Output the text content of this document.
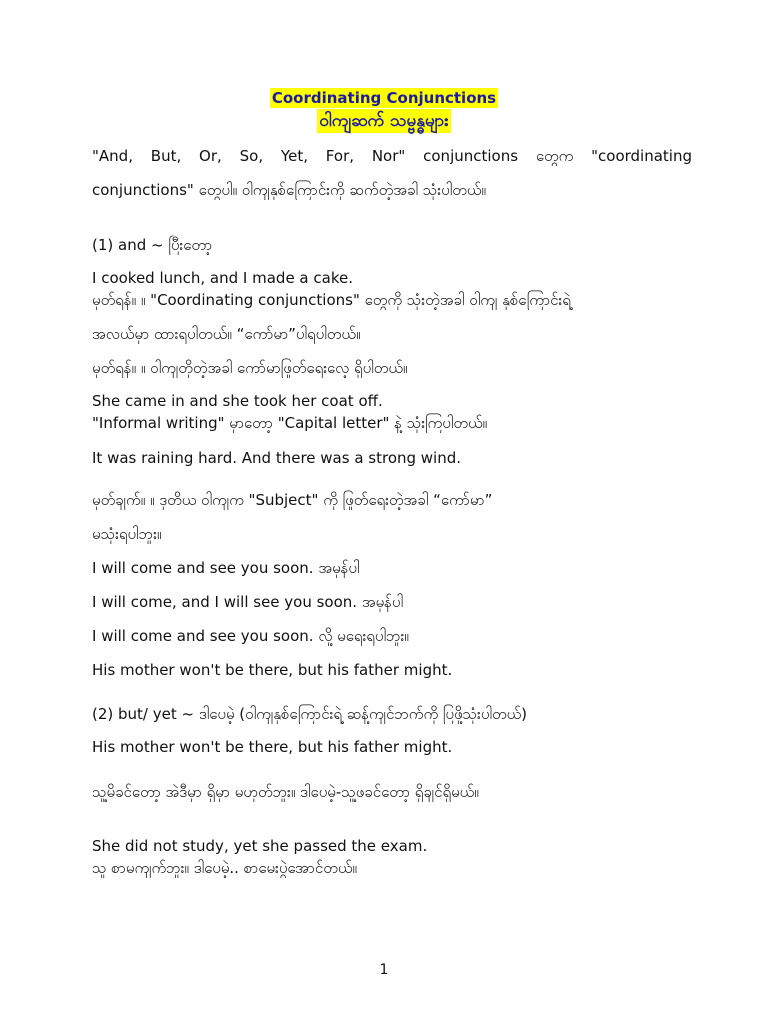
Coordinating Conjunctions
ဝါကျဆက် သမ္ဗန္ဓများ
"And, But, Or, So, Yet, For, Nor" conjunctions တွေက "coordinating
conjunctions" တွေပါ။ ဝါကျနှစ်ကြောင်းကို ဆက်တဲ့အခါ သုံးပါတယ်။
(1) and ~ ပြီးတော့
I cooked lunch, and I made a cake.
မှတ်ရန်။ ။ "Coordinating conjunctions" တွေကို သုံးတဲ့အခါ ဝါကျ နှစ်ကြောင်းရဲ့
အလယ်မှာ ထားရပါတယ်။ “ကော်မာ”ပါရပါတယ်။
မှတ်ရန်။ ။ ဝါကျတိုတဲ့အခါ ကော်မာဖြုတ်ရေးလေ့ ရှိပါတယ်။
She came in and she took her coat off.
"Informal writing" မှာတော့ "Capital letter" နဲ့ သုံးကြပါတယ်။
It was raining hard. And there was a strong wind.
မှတ်ချက်။ ။ ဒုတိယ ဝါကျက "Subject" ကို ဖြုတ်ရေးတဲ့အခါ “ကော်မာ”
မသုံးရပါဘူး။
I will come and see you soon. အမှန်ပါ
I will come, and I will see you soon. အမှန်ပါ
I will come and see you soon. လို့ မရေးရပါဘူး။
His mother won't be there, but his father might.
(2) but/ yet ~ ဒါပေမဲ့ (ဝါကျနှစ်ကြောင်းရဲ့ ဆန့်ကျင်ဘက်ကို ပြဖို့သုံးပါတယ်)
His mother won't be there, but his father might.
သူ့မိခင်တော့ အဲဒီမှာ ရှိမှာ မဟုတ်ဘူး။ ဒါပေမဲ့-သူ့ဖခင်တော့ ရှိချင်ရှိမယ်။
She did not study, yet she passed the exam.
သူ စာမကျက်ဘူး။ ဒါပေမဲ့.. စာမေးပွဲအောင်တယ်။
1
